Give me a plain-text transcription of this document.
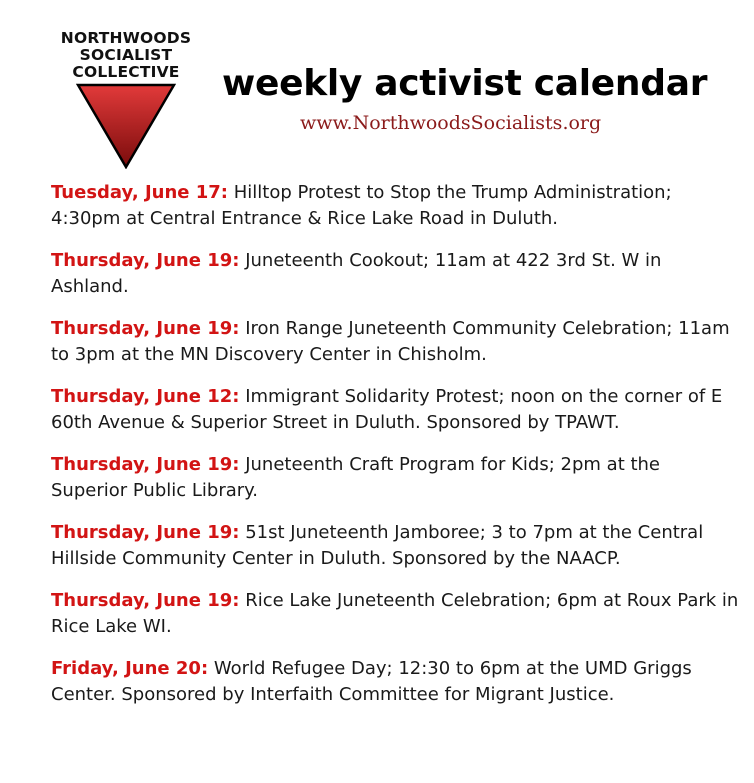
NORTHWOODS
SOCIALIST
COLLECTIVE	weekly activist calendar
www.NorthwoodsSocialists.org

Tuesday, June 17: Hilltop Protest to Stop the Trump Administration; 4:30pm at Central Entrance & Rice Lake Road in Duluth.

Thursday, June 19: Juneteenth Cookout; 11am at 422 3rd St. W in Ashland.

Thursday, June 19: Iron Range Juneteenth Community Celebration; 11am to 3pm at the MN Discovery Center in Chisholm.

Thursday, June 12: Immigrant Solidarity Protest; noon on the corner of E 60th Avenue & Superior Street in Duluth. Sponsored by TPAWT.

Thursday, June 19: Juneteenth Craft Program for Kids; 2pm at the Superior Public Library.

Thursday, June 19: 51st Juneteenth Jamboree; 3 to 7pm at the Central Hillside Community Center in Duluth. Sponsored by the NAACP.

Thursday, June 19: Rice Lake Juneteenth Celebration; 6pm at Roux Park in Rice Lake WI.

Friday, June 20: World Refugee Day; 12:30 to 6pm at the UMD Griggs Center. Sponsored by Interfaith Committee for Migrant Justice.
